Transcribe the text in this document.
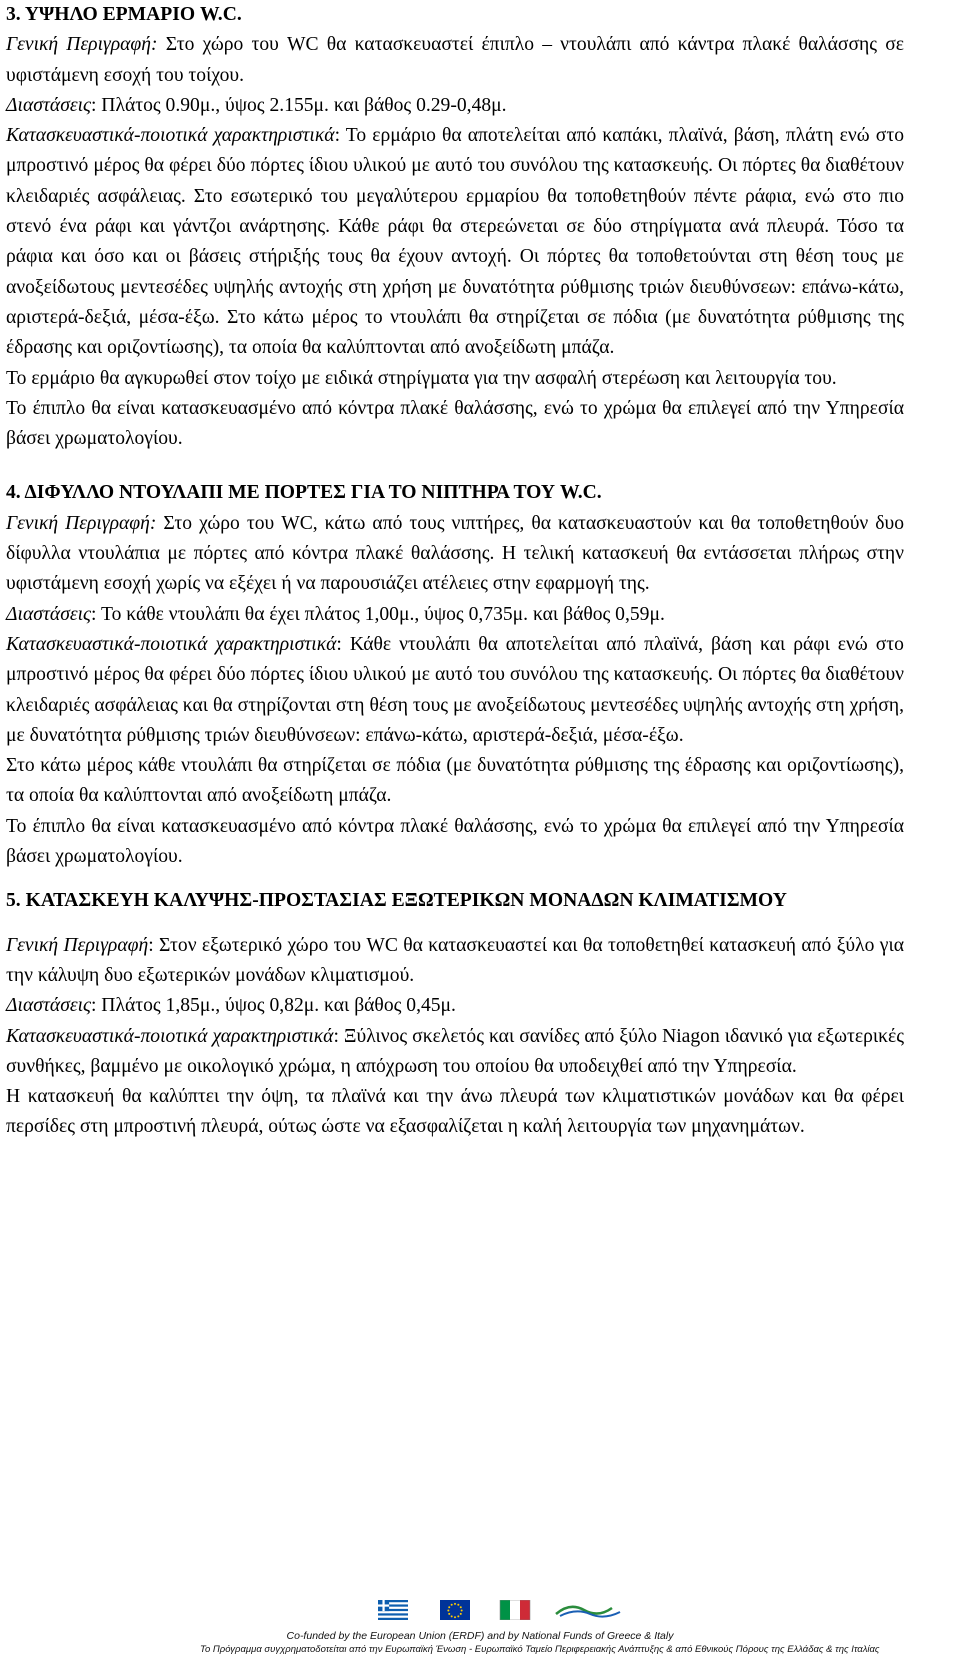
3. ΥΨΗΛΟ ΕΡΜΑΡΙΟ W.C.

Γενική Περιγραφή: Στο χώρο του WC θα κατασκευαστεί έπιπλο – ντουλάπι από κάντρα πλακέ θαλάσσης σε υφιστάμενη εσοχή του τοίχου.

Διαστάσεις: Πλάτος 0.90μ., ύψος 2.155μ. και βάθος 0.29-0,48μ.

Κατασκευαστικά-ποιοτικά χαρακτηριστικά: Το ερμάριο θα αποτελείται από καπάκι, πλαϊνά, βάση, πλάτη ενώ στο μπροστινό μέρος θα φέρει δύο πόρτες ίδιου υλικού με αυτό του συνόλου της κατασκευής. Οι πόρτες θα διαθέτουν κλειδαριές ασφάλειας. Στο εσωτερικό του μεγαλύτερου ερμαρίου θα τοποθετηθούν πέντε ράφια, ενώ στο πιο στενό ένα ράφι και γάντζοι ανάρτησης. Κάθε ράφι θα στερεώνεται σε δύο στηρίγματα ανά πλευρά. Τόσο τα ράφια και όσο και οι βάσεις στήριξής τους θα έχουν αντοχή. Οι πόρτες θα τοποθετούνται στη θέση τους με ανοξείδωτους μεντεσέδες υψηλής αντοχής στη χρήση με δυνατότητα ρύθμισης τριών διευθύνσεων: επάνω-κάτω, αριστερά-δεξιά, μέσα-έξω. Στο κάτω μέρος το ντουλάπι θα στηρίζεται σε πόδια (με δυνατότητα ρύθμισης της έδρασης και οριζοντίωσης), τα οποία θα καλύπτονται από ανοξείδωτη μπάζα.

Το ερμάριο θα αγκυρωθεί στον τοίχο με ειδικά στηρίγματα για την ασφαλή στερέωση και λειτουργία του.

Το έπιπλο θα είναι κατασκευασμένο από κόντρα πλακέ θαλάσσης, ενώ το χρώμα θα επιλεγεί από την Υπηρεσία βάσει χρωματολογίου.

4. ΔΙΦΥΛΛΟ ΝΤΟΥΛΑΠΙ ΜΕ ΠΟΡΤΕΣ ΓΙΑ ΤΟ ΝΙΠΤΗΡΑ ΤΟΥ W.C.

Γενική Περιγραφή: Στο χώρο του WC, κάτω από τους νιπτήρες, θα κατασκευαστούν και θα τοποθετηθούν δυο δίφυλλα ντουλάπια με πόρτες από κόντρα πλακέ θαλάσσης. Η τελική κατασκευή θα εντάσσεται πλήρως στην υφιστάμενη εσοχή χωρίς να εξέχει ή να παρουσιάζει ατέλειες στην εφαρμογή της.

Διαστάσεις: Το κάθε ντουλάπι θα έχει πλάτος 1,00μ., ύψος 0,735μ. και βάθος 0,59μ.

Κατασκευαστικά-ποιοτικά χαρακτηριστικά: Κάθε ντουλάπι θα αποτελείται από πλαϊνά, βάση και ράφι ενώ στο μπροστινό μέρος θα φέρει δύο πόρτες ίδιου υλικού με αυτό του συνόλου της κατασκευής. Οι πόρτες θα διαθέτουν κλειδαριές ασφάλειας και θα στηρίζονται στη θέση τους με ανοξείδωτους μεντεσέδες υψηλής αντοχής στη χρήση, με δυνατότητα ρύθμισης τριών διευθύνσεων: επάνω-κάτω, αριστερά-δεξιά, μέσα-έξω.

Στο κάτω μέρος κάθε ντουλάπι θα στηρίζεται σε πόδια (με δυνατότητα ρύθμισης της έδρασης και οριζοντίωσης), τα οποία θα καλύπτονται από ανοξείδωτη μπάζα.

Το έπιπλο θα είναι κατασκευασμένο από κόντρα πλακέ θαλάσσης, ενώ το χρώμα θα επιλεγεί από την Υπηρεσία βάσει χρωματολογίου.

5. ΚΑΤΑΣΚΕΥΗ ΚΑΛΥΨΗΣ-ΠΡΟΣΤΑΣΙΑΣ ΕΞΩΤΕΡΙΚΩΝ ΜΟΝΑΔΩΝ ΚΛΙΜΑΤΙΣΜΟΥ

Γενική Περιγραφή: Στον εξωτερικό χώρο του WC θα κατασκευαστεί και θα τοποθετηθεί κατασκευή από ξύλο για την κάλυψη δυο εξωτερικών μονάδων κλιματισμού.

Διαστάσεις: Πλάτος 1,85μ., ύψος 0,82μ. και βάθος 0,45μ.

Κατασκευαστικά-ποιοτικά χαρακτηριστικά: Ξύλινος σκελετός και σανίδες από ξύλο Niagon ιδανικό για εξωτερικές συνθήκες, βαμμένο με οικολογικό χρώμα, η απόχρωση του οποίου θα υποδειχθεί από την Υπηρεσία.

Η κατασκευή θα καλύπτει την όψη, τα πλαϊνά και την άνω πλευρά των κλιματιστικών μονάδων και θα φέρει περσίδες στη μπροστινή πλευρά, ούτως ώστε να εξασφαλίζεται η καλή λειτουργία των μηχανημάτων.

Co-funded by the European Union (ERDF) and by National Funds of Greece & Italy
Το Πρόγραμμα συγχρηματοδοτείται από την Ευρωπαϊκή Ένωση - Ευρωπαϊκό Ταμείο Περιφερειακής Ανάπτυξης & από Εθνικούς Πόρους της Ελλάδας & της Ιταλίας
